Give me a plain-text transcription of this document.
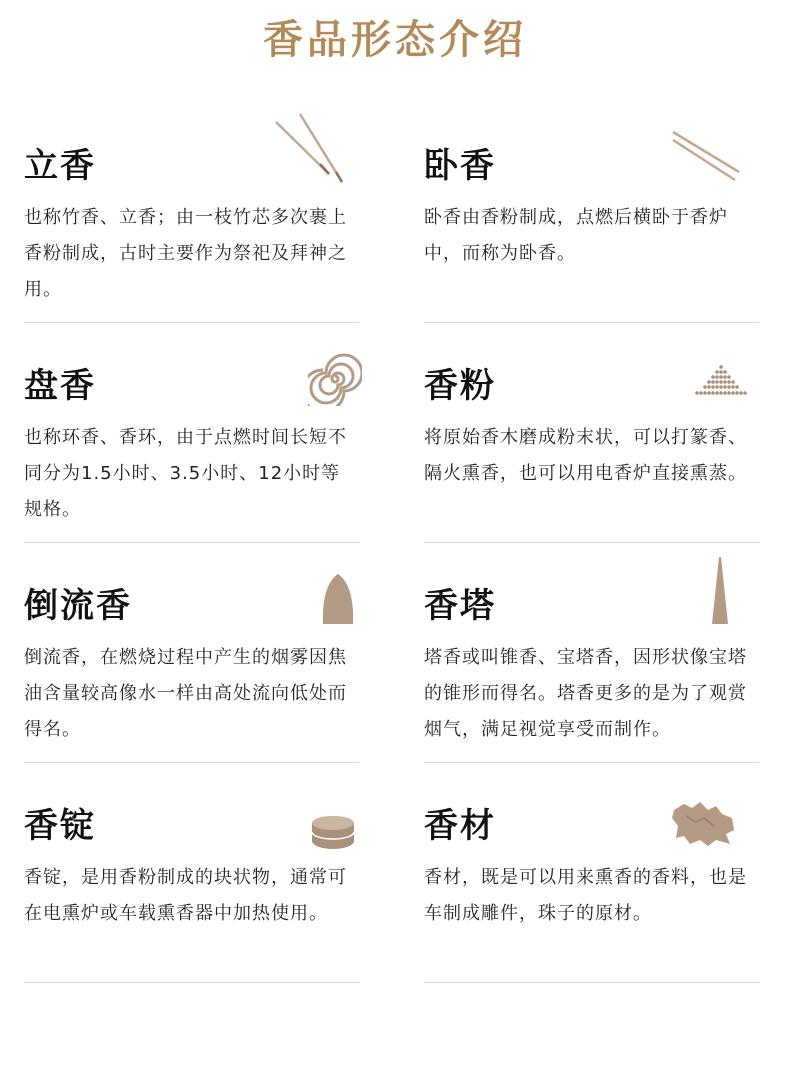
香品形态介绍
立香
也称竹香、立香；由一枝竹芯多次裹上香粉制成，古时主要作为祭祀及拜神之用。
卧香
卧香由香粉制成，点燃后横卧于香炉中，而称为卧香。
盘香
也称环香、香环，由于点燃时间长短不同分为1.5小时、3.5小时、12小时等规格。
香粉
将原始香木磨成粉末状，可以打篆香、隔火熏香，也可以用电香炉直接熏蒸。
倒流香
倒流香，在燃烧过程中产生的烟雾因焦油含量较高像水一样由高处流向低处而得名。
香塔
塔香或叫锥香、宝塔香，因形状像宝塔的锥形而得名。塔香更多的是为了观赏烟气，满足视觉享受而制作。
香锭
香锭，是用香粉制成的块状物，通常可在电熏炉或车载熏香器中加热使用。
香材
香材，既是可以用来熏香的香料，也是车制成雕件，珠子的原材。
